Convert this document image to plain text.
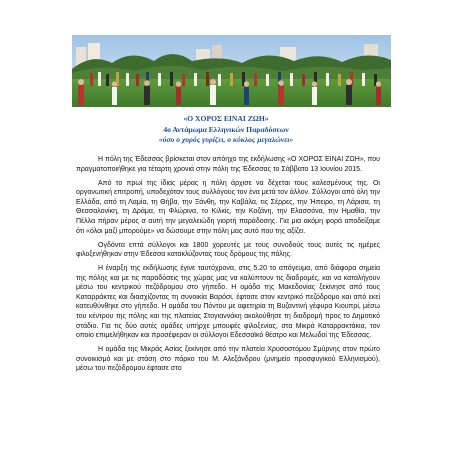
«Ο ΧΟΡΟΣ ΕΙΝΑΙ ΖΩΗ»
4ο Αντάμωμα Ελληνικών Παραδόσεων
«όσο ο χορός γυρίζει, ο κύκλος μεγαλώνει»

Η πόλη της Έδεσσας βρίσκεται στον απόηχο της εκδήλωσης «Ο ΧΟΡΟΣ ΕΙΝΑΙ ΖΩΗ», που πραγματοποιήθηκε για τέταρτη χρονιά στην πόλη της Έδεσσας το Σάββατο 13 Ιουνίου 2015.

Από το πρωί της ίδιας μέρας η πόλη άρχισε να δέχεται τους καλεσμένους της. Οι οργανωτική επιτροπή, υποδεχόταν τους συλλόγους τον ένα μετά τον άλλον. Σύλλογοι από όλη την Ελλάδα, από τη Λαμία, τη Θήβα, την Ξάνθη, την Καβάλα, τις Σέρρες, την Ήπειρο, τη Λάρισα, τη Θεσσαλονίκη, τη Δράμα, τη Φλώρινα, το Κιλκίς, την Κοζάνη, την Ελασσόνα, την Ημαθία, την Πέλλα πήραν μέρος σ αυτή την μεγαλειώδη γιορτή παράδοσης. Για μια ακόμη φορά αποδείξαμε ότι «όλοι μαζί μπορούμε» να δώσουμε στην πόλη μας αυτό που της αξίζει.

Ογδόντα επτά σύλλογοι και 1800 χορευτές με τους συνοδούς τους αυτές τις ημέρες φιλοξενήθηκαν στην Έδεσσα κατακλύζοντας τους δρόμους της πόλης.

Η έναρξη της εκδήλωσης έγινε ταυτόχρονα, στις 5.20 το απόγευμα, από διάφορα σημεία της πόλης και με τις παραδόσεις της χώρας μας να καλύπτουν τις διαδρομές, και να καταλήγουν μέσω του κεντρικού πεζόδρομου στο γήπεδο. Η ομάδα της Μακεδονίας ξεκίνησε από τους Καταρράκτες και διασχίζοντας τη συνοικία Βαρόσι, έφτασε στον κεντρικό πεζόδρομο και από εκεί κατευθύνθηκε στο γήπεδο. Η ομάδα του Πόντου με αφετηρία τη Βυζαντινή γέφυρα Κιουπρί, μέσω του κέντρου της πόλης και της πλατείας Στογιαννάκη ακολούθησε τη διαδρομή προς το Δημοτικό στάδιο. Για τις δύο αυτές ομάδες υπήρχε μπουφές φιλοξενίας, στα Μικρά Καταρρακτάκια, τον οποίο επιμελήθηκαν και προσέφεραν οι σύλλογοι Εδεσσαϊκό θέατρο και Μελωδοί της Έδεσσας.

Η ομάδα της Μικράς Ασίας ξεκίνησε από την πλατεία Χρυσοστόμου Σμύρνης στον πρώτο συνοικισμό και με στάση στο πάρκο του Μ. Αλεξάνδρου (μνημείο προσφυγικού Ελληνισμού), μέσω του πεζόδρομου έφτασε στο
